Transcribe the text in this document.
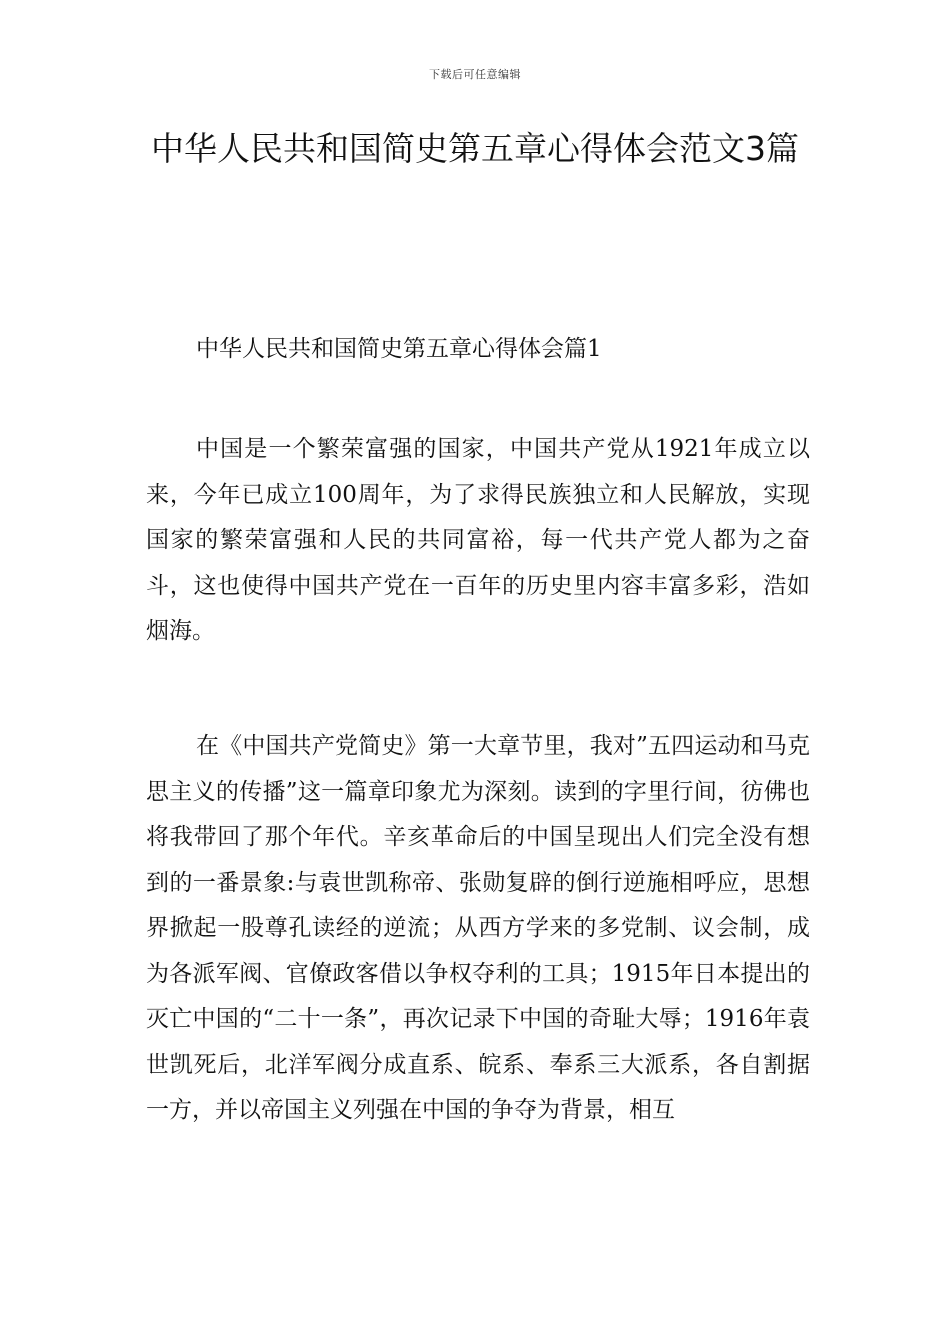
下载后可任意编辑
中华人民共和国简史第五章心得体会范文3篇
中华人民共和国简史第五章心得体会篇1

中国是一个繁荣富强的国家，中国共产党从1921年成立以来，今年已成立100周年，为了求得民族独立和人民解放，实现国家的繁荣富强和人民的共同富裕，每一代共产党人都为之奋斗，这也使得中国共产党在一百年的历史里内容丰富多彩，浩如烟海。

在《中国共产党简史》第一大章节里，我对”五四运动和马克思主义的传播”这一篇章印象尤为深刻。读到的字里行间，彷佛也将我带回了那个年代。辛亥革命后的中国呈现出人们完全没有想到的一番景象:与袁世凯称帝、张勋复辟的倒行逆施相呼应，思想界掀起一股尊孔读经的逆流；从西方学来的多党制、议会制，成为各派军阀、官僚政客借以争权夺利的工具；1915年日本提出的灭亡中国的“二十一条”，再次记录下中国的奇耻大辱；1916年袁世凯死后，北洋军阀分成直系、皖系、奉系三大派系，各自割据一方，并以帝国主义列强在中国的争夺为背景，相互
